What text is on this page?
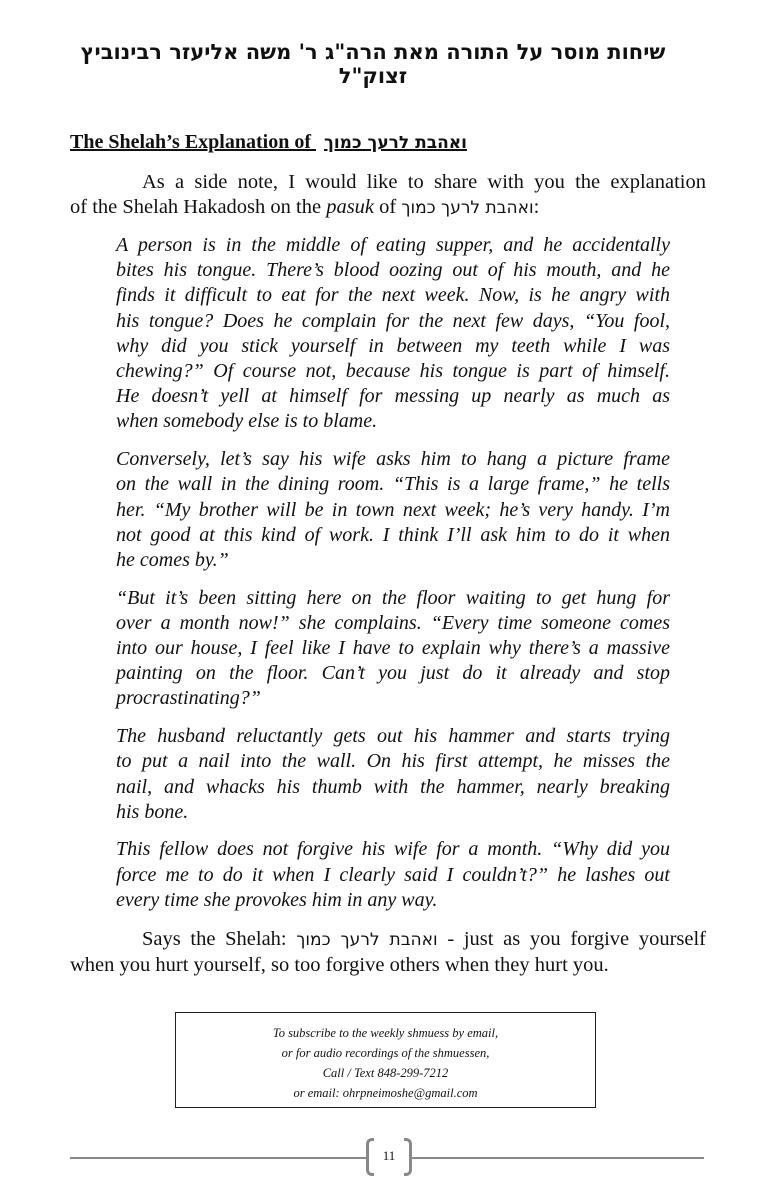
שיחות מוסר על התורה מאת הרה"ג ר' משה אליעזר רבינוביץ זצוק"ל
The Shelah’s Explanation of ואהבת לרעך כמוך
As a side note, I would like to share with you the explanation
of the Shelah Hakadosh on the pasuk of ואהבת לרעך כמוך:
A person is in the middle of eating supper, and he accidentally
bites his tongue. There’s blood oozing out of his mouth, and he
finds it difficult to eat for the next week. Now, is he angry with
his tongue? Does he complain for the next few days, “You fool,
why did you stick yourself in between my teeth while I was
chewing?” Of course not, because his tongue is part of himself.
He doesn’t yell at himself for messing up nearly as much as
when somebody else is to blame.
Conversely, let’s say his wife asks him to hang a picture frame
on the wall in the dining room. “This is a large frame,” he tells
her. “My brother will be in town next week; he’s very handy. I’m
not good at this kind of work. I think I’ll ask him to do it when
he comes by.”
“But it’s been sitting here on the floor waiting to get hung for
over a month now!” she complains. “Every time someone comes
into our house, I feel like I have to explain why there’s a massive
painting on the floor. Can’t you just do it already and stop
procrastinating?”
The husband reluctantly gets out his hammer and starts trying
to put a nail into the wall. On his first attempt, he misses the
nail, and whacks his thumb with the hammer, nearly breaking
his bone.
This fellow does not forgive his wife for a month. “Why did you
force me to do it when I clearly said I couldn’t?” he lashes out
every time she provokes him in any way.
Says the Shelah: ואהבת לרעך כמוך - just as you forgive yourself
when you hurt yourself, so too forgive others when they hurt you.
To subscribe to the weekly shmuess by email,
or for audio recordings of the shmuessen,
Call / Text 848-299-7212
or email: ohrpneimoshe@gmail.com
11
